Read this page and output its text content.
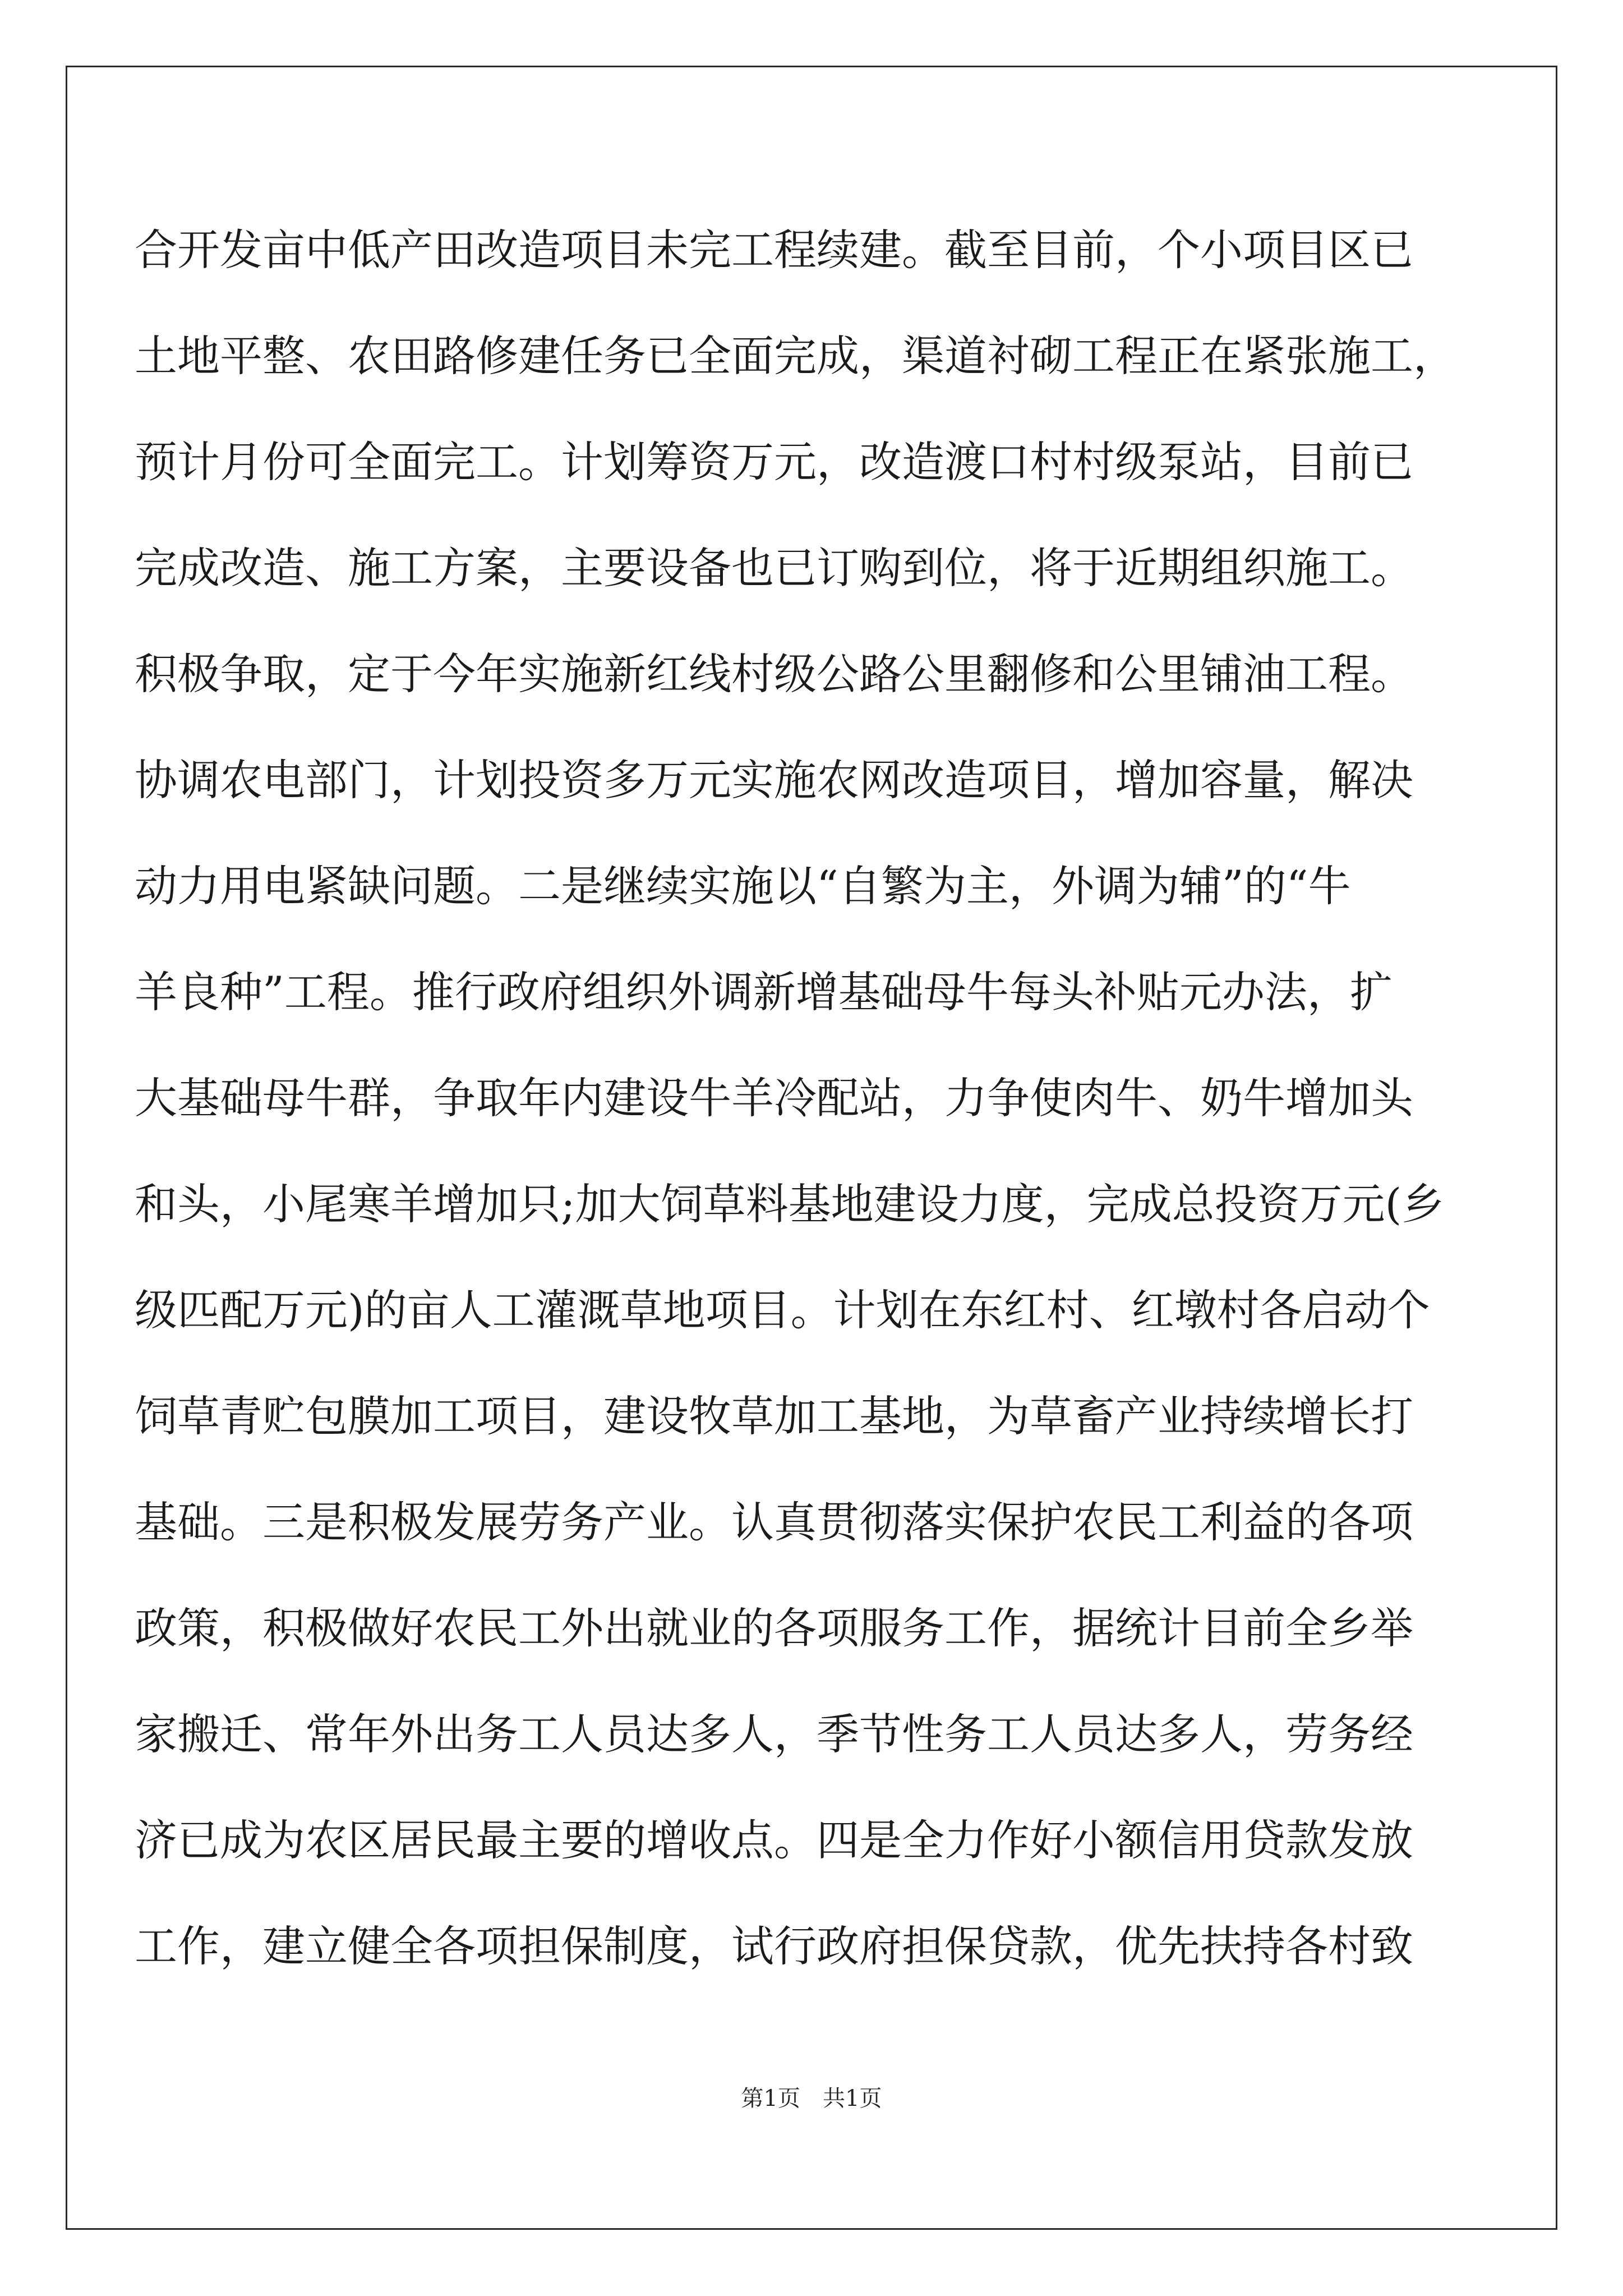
合开发亩中低产田改造项目未完工程续建。截至目前，个小项目区已
土地平整、农田路修建任务已全面完成，渠道衬砌工程正在紧张施工，
预计月份可全面完工。计划筹资万元，改造渡口村村级泵站，目前已
完成改造、施工方案，主要设备也已订购到位，将于近期组织施工。
积极争取，定于今年实施新红线村级公路公里翻修和公里铺油工程。
协调农电部门，计划投资多万元实施农网改造项目，增加容量，解决
动力用电紧缺问题。二是继续实施以“自繁为主，外调为辅”的“牛
羊良种”工程。推行政府组织外调新增基础母牛每头补贴元办法，扩
大基础母牛群，争取年内建设牛羊冷配站，力争使肉牛、奶牛增加头
和头，小尾寒羊增加只;加大饲草料基地建设力度，完成总投资万元(乡
级匹配万元)的亩人工灌溉草地项目。计划在东红村、红墩村各启动个
饲草青贮包膜加工项目，建设牧草加工基地，为草畜产业持续增长打
基础。三是积极发展劳务产业。认真贯彻落实保护农民工利益的各项
政策，积极做好农民工外出就业的各项服务工作，据统计目前全乡举
家搬迁、常年外出务工人员达多人，季节性务工人员达多人，劳务经
济已成为农区居民最主要的增收点。四是全力作好小额信用贷款发放
工作，建立健全各项担保制度，试行政府担保贷款，优先扶持各村致
第1页　共1页
